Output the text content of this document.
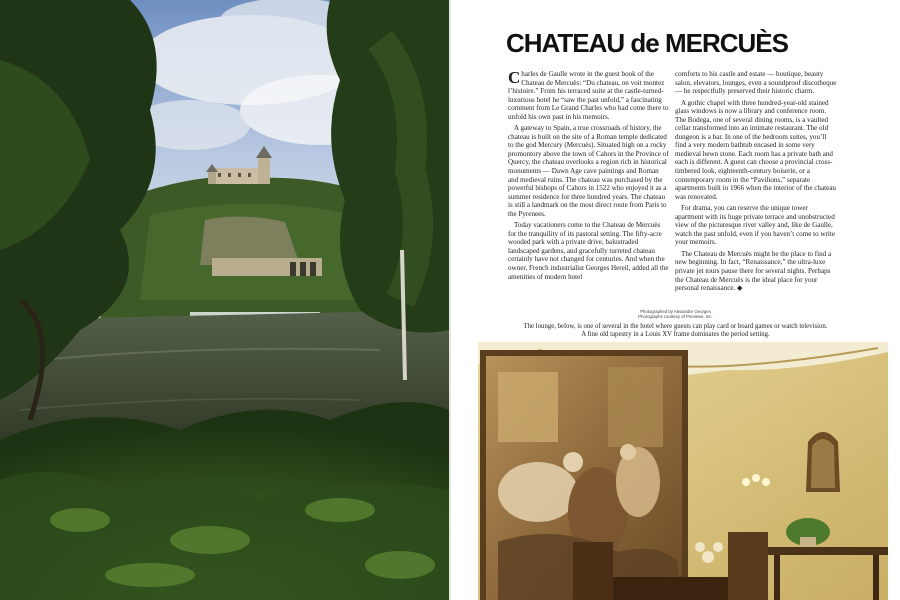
CHATEAU de MERCUÈS

Charles de Gaulle wrote in the guest book of the Chateau de Mercuès: “Du chateau, on voit montez l’histoire.” From his terraced suite at the castle-turned-luxurious hotel he “saw the past unfold,” a fascinating comment from Le Grand Charles who had come there to unfold his own past in his memoirs.

A gateway to Spain, a true crossroads of history, the chateau is built on the site of a Roman temple dedicated to the god Mercury (Mercuès). Situated high on a rocky promontory above the town of Cahors in the Province of Quercy, the chateau overlooks a region rich in historical monuments — Dawn Age cave paintings and Roman and medieval ruins. The chateau was purchased by the powerful bishops of Cahors in 1522 who enjoyed it as a summer residence for three hundred years. The chateau is still a landmark on the most direct route from Paris to the Pyrenees.

Today vacationers come to the Chateau de Mercuès for the tranquility of its pastoral setting. The fifty-acre wooded park with a private drive, balustraded landscaped gardens, and gracefully turreted chateau certainly have not changed for centuries. And when the owner, French industrialist Georges Hereil, added all the amenities of modern hotel

comforts to his castle and estate — boutique, beauty salon, elevators, lounges, even a soundproof discotheque — he respectfully preserved their historic charm.

A gothic chapel with three hundred-year-old stained glass windows is now a library and conference room. The Bodega, one of several dining rooms, is a vaulted cellar transformed into an intimate restaurant. The old dungeon is a bar. In one of the bedroom suites, you’ll find a very modern bathtub encased in some very medieval hewn stone. Each room has a private bath and each is different. A guest can choose a provincial cross-timbered look, eighteenth-century boiserie, or a contemporary room in the “Pavilions,” separate apartments built in 1966 when the interior of the chateau was renovated.

For drama, you can reserve the unique tower apartment with its huge private terrace and unobstructed view of the picturesque river valley and, like de Gaulle, watch the past unfold, even if you haven’t come to write your memoirs.

The Chateau de Mercuès might be the place to find a new beginning. In fact, “Renaissance,” the ultra-luxe private jet tours pause there for several nights. Perhaps the Chateau de Mercuès is the ideal place for your personal renaissance. ◆

Photographed by Alexandre Georges
Photographs courtesy of Previews, Inc.
The lounge, below, is one of several in the hotel where guests can play card or board games or watch television.
A fine old tapestry in a Louis XV frame dominates the period setting.
